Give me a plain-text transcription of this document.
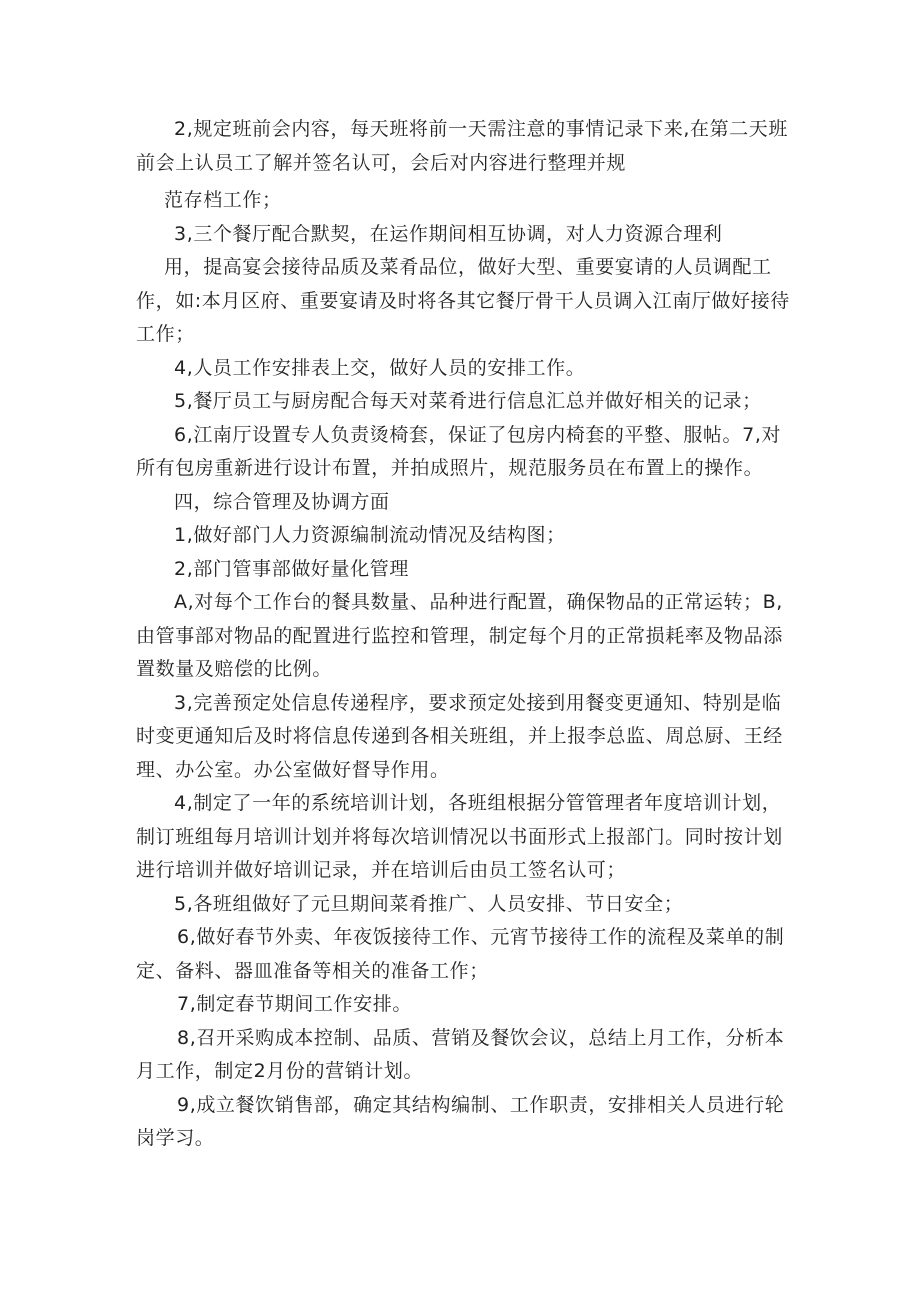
2,规定班前会内容，每天班将前一天需注意的事情记录下来,在第二天班前会上认员工了解并签名认可，会后对内容进行整理并规

范存档工作；

3,三个餐厅配合默契，在运作期间相互协调，对人力资源合理利

用，提高宴会接待品质及菜肴品位，做好大型、重要宴请的人员调配工作，如:本月区府、重要宴请及时将各其它餐厅骨干人员调入江南厅做好接待工作；

4,人员工作安排表上交，做好人员的安排工作。

5,餐厅员工与厨房配合每天对菜肴进行信息汇总并做好相关的记录；

6,江南厅设置专人负责烫椅套，保证了包房内椅套的平整、服帖。7,对所有包房重新进行设计布置，并拍成照片，规范服务员在布置上的操作。

四，综合管理及协调方面

1,做好部门人力资源编制流动情况及结构图；

2,部门管事部做好量化管理

A,对每个工作台的餐具数量、品种进行配置，确保物品的正常运转；B,由管事部对物品的配置进行监控和管理，制定每个月的正常损耗率及物品添置数量及赔偿的比例。

3,完善预定处信息传递程序，要求预定处接到用餐变更通知、特别是临时变更通知后及时将信息传递到各相关班组，并上报李总监、周总厨、王经理、办公室。办公室做好督导作用。

4,制定了一年的系统培训计划，各班组根据分管管理者年度培训计划，制订班组每月培训计划并将每次培训情况以书面形式上报部门。同时按计划进行培训并做好培训记录，并在培训后由员工签名认可；

5,各班组做好了元旦期间菜肴推广、人员安排、节日安全；

6,做好春节外卖、年夜饭接待工作、元宵节接待工作的流程及菜单的制定、备料、器皿准备等相关的准备工作；

7,制定春节期间工作安排。

8,召开采购成本控制、品质、营销及餐饮会议，总结上月工作，分析本月工作，制定2月份的营销计划。

9,成立餐饮销售部，确定其结构编制、工作职责，安排相关人员进行轮岗学习。
